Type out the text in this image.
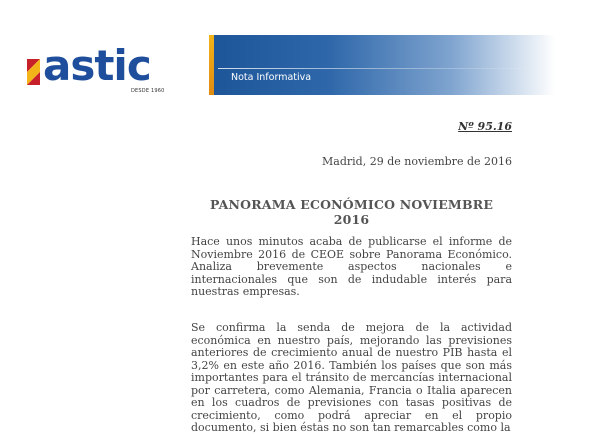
astic
DESDE 1960
Nota Informativa
Nº 95.16
Madrid, 29 de noviembre de 2016
PANORAMA ECONÓMICO NOVIEMBRE 2016

Hace unos minutos acaba de publicarse el informe de Noviembre 2016 de CEOE sobre Panorama Económico. Analiza brevemente aspectos nacionales e internacionales que son de indudable interés para nuestras empresas.

Se confirma la senda de mejora de la actividad económica en nuestro país, mejorando las previsiones anteriores de crecimiento anual de nuestro PIB hasta el 3,2% en este año 2016. También los países que son más importantes para el tránsito de mercancías internacional por carretera, como Alemania, Francia o Italia aparecen en los cuadros de previsiones con tasas positivas de crecimiento, como podrá apreciar en el propio documento, si bien éstas no son tan remarcables como la
